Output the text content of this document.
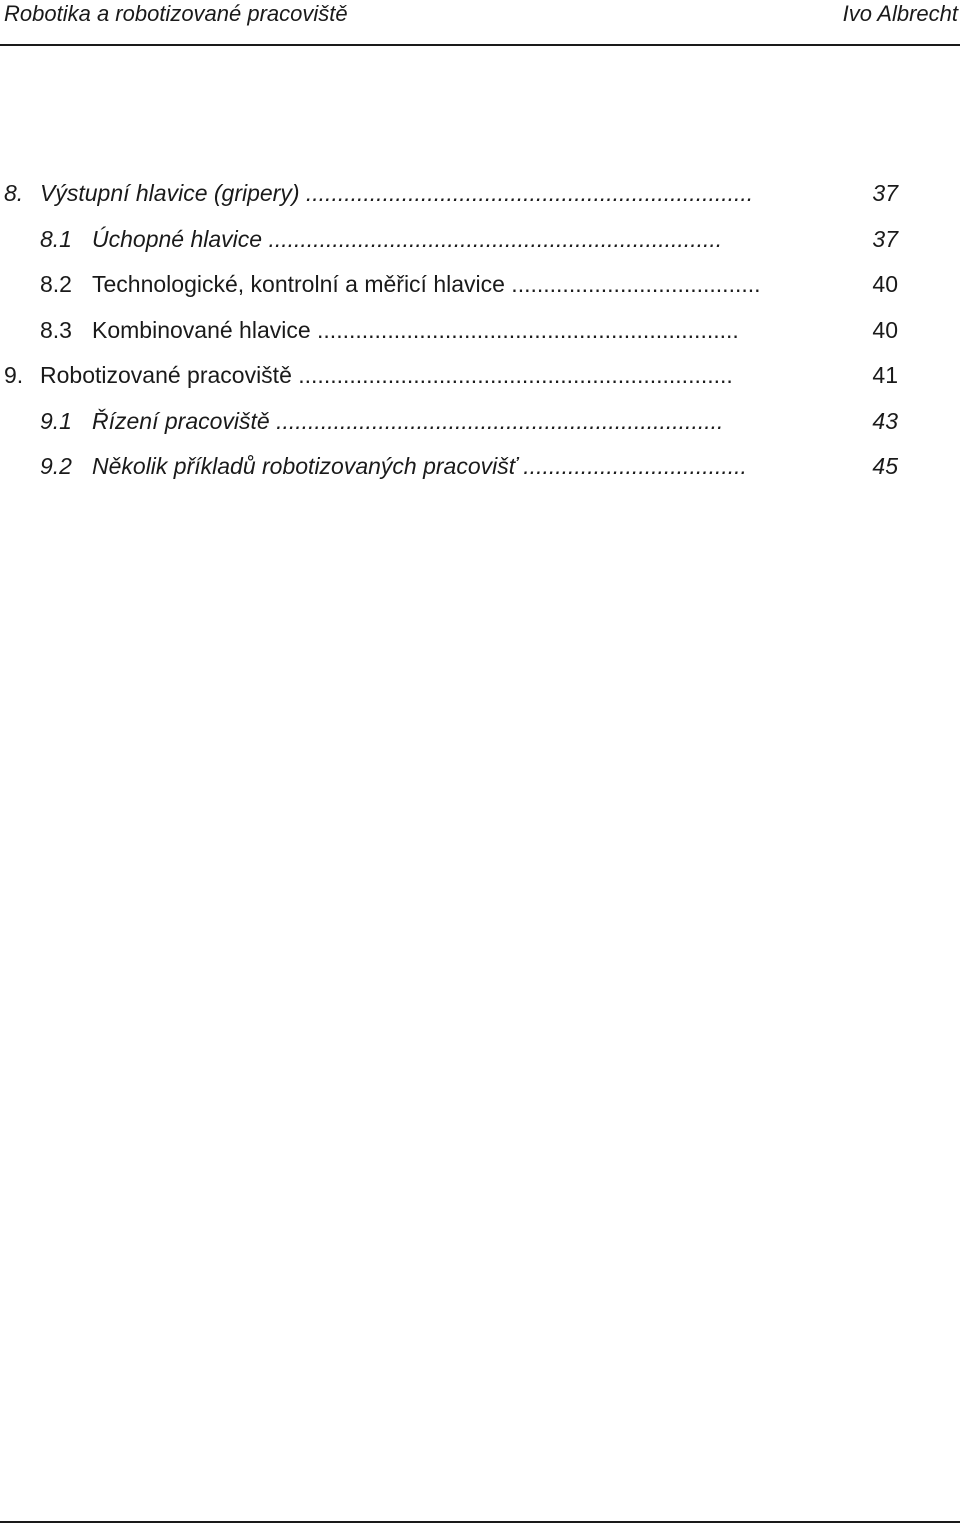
Robotika a robotizované pracoviště	Ivo Albrecht
8. Výstupní hlavice (gripery) ......................................................................	37
8.1 Úchopné hlavice .......................................................................	37
8.2 Technologické, kontrolní a měřicí hlavice .......................................	40
8.3 Kombinované hlavice ..................................................................	40
9. Robotizované pracoviště ....................................................................	41
9.1 Řízení pracoviště ......................................................................	43
9.2 Několik příkladů robotizovaných pracovišť ...................................	45
